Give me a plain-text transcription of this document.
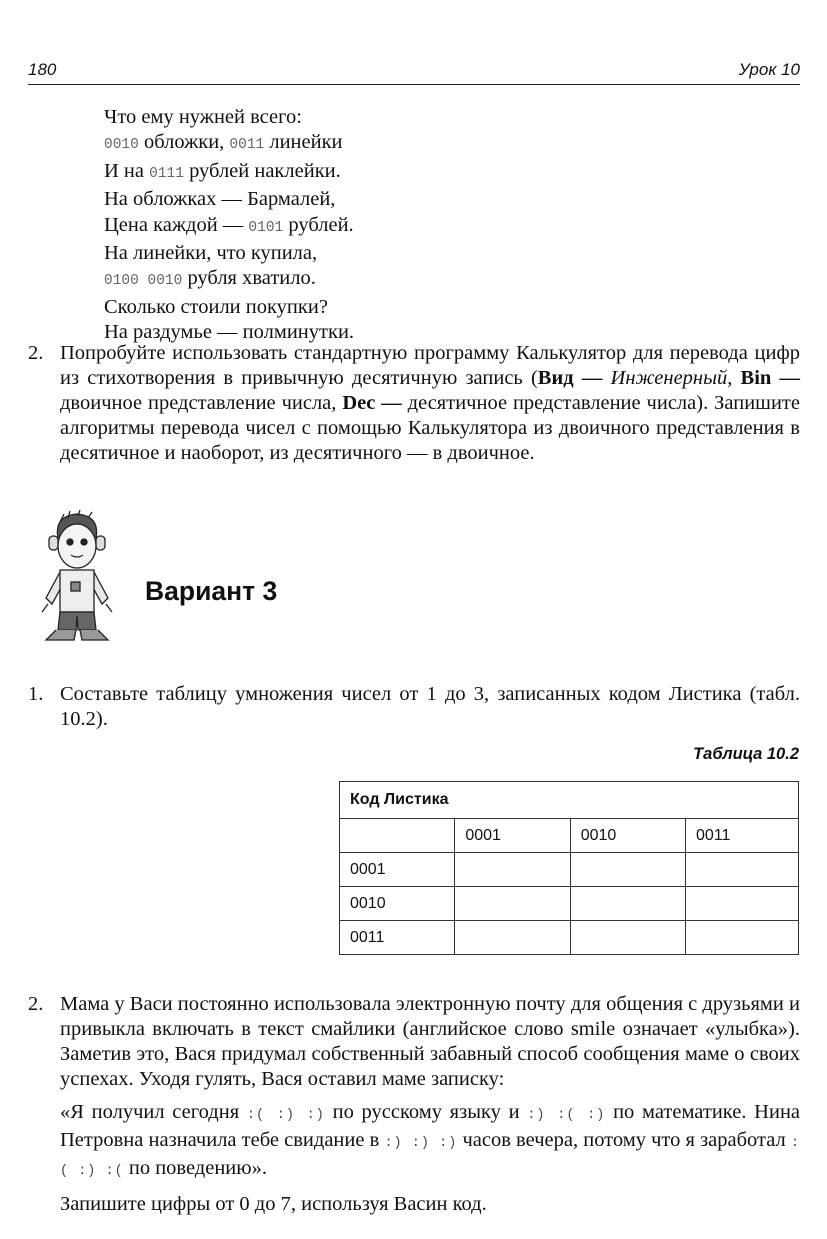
180	Урок 10
Что ему нужней всего:
0010 обложки, 0011 линейки
И на 0111 рублей наклейки.
На обложках — Бармалей,
Цена каждой — 0101 рублей.
На линейки, что купила,
0100 0010 рубля хватило.
Сколько стоили покупки?
На раздумье — полминутки.
2. Попробуйте использовать стандартную программу Калькулятор для перевода цифр из стихотворения в привычную десятичную запись (Вид — Инженерный, Bin — двоичное представление числа, Dec — десятичное представление числа). Запишите алгоритмы перевода чисел с помощью Калькулятора из двоичного представления в десятичное и наоборот, из десятичного — в двоичное.
Вариант 3
1. Составьте таблицу умножения чисел от 1 до 3, записанных кодом Листика (табл. 10.2).
Таблица 10.2
Код Листика			
	0001	0010	0011
0001			
0010			
0011			
2. Мама у Васи постоянно использовала электронную почту для общения с друзьями и привыкла включать в текст смайлики (английское слово smile означает «улыбка»). Заметив это, Вася придумал собственный забавный способ сообщения маме о своих успехах. Уходя гулять, Вася оставил маме записку:

«Я получил сегодня :( :) :) по русскому языку и :) :( :) по математике. Нина Петровна назначила тебе свидание в :) :) :) часов вечера, потому что я заработал :( :) :( по поведению».

Запишите цифры от 0 до 7, используя Васин код.
